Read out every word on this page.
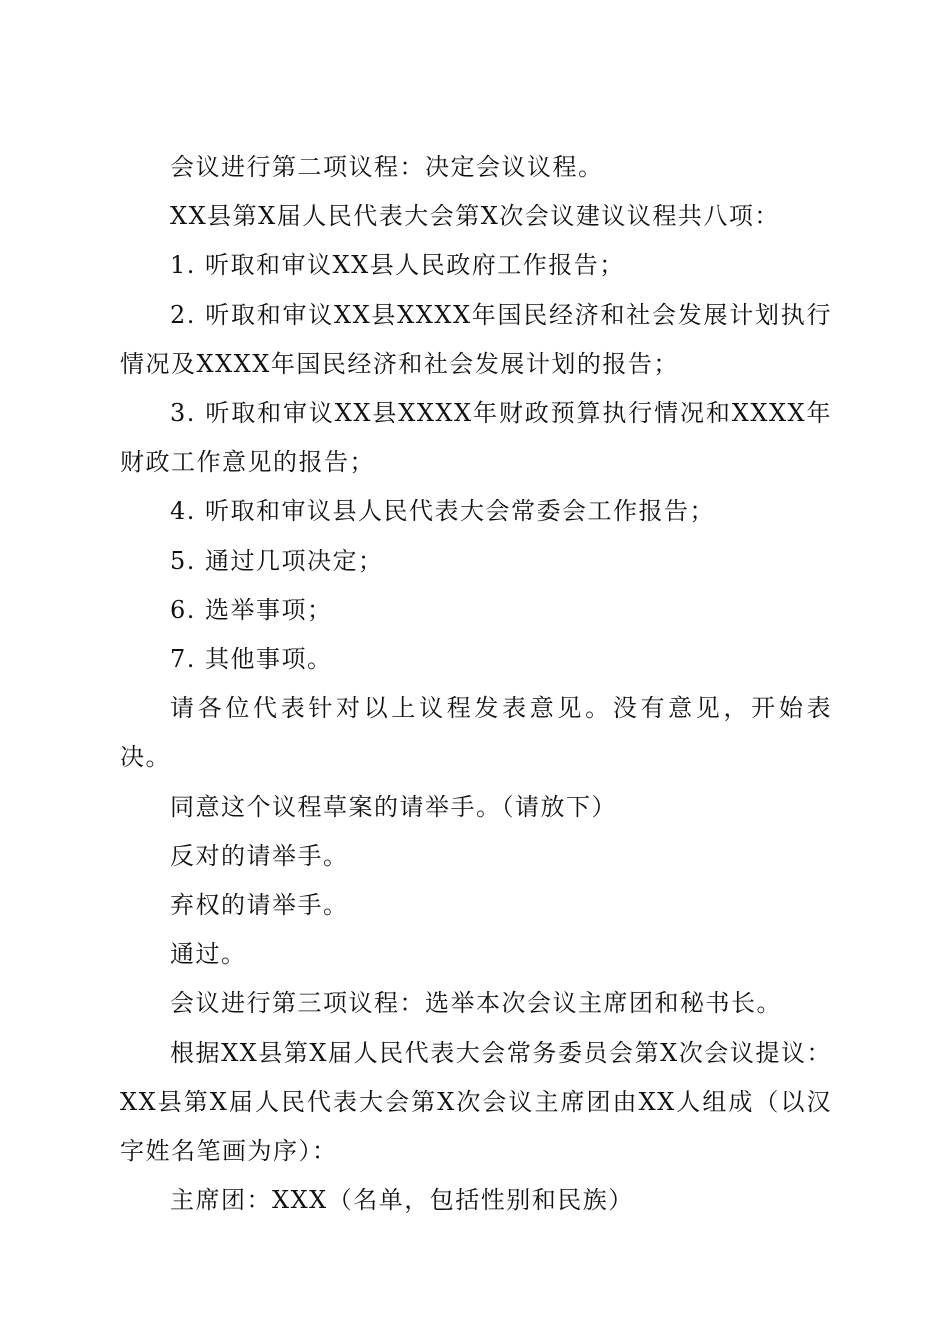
会议进行第二项议程：决定会议议程。

XX县第X届人民代表大会第X次会议建议议程共八项：

1. 听取和审议XX县人民政府工作报告；

2. 听取和审议XX县XXXX年国民经济和社会发展计划执行情况及XXXX年国民经济和社会发展计划的报告；

3. 听取和审议XX县XXXX年财政预算执行情况和XXXX年财政工作意见的报告；

4. 听取和审议县人民代表大会常委会工作报告；

5. 通过几项决定；

6. 选举事项；

7. 其他事项。

请各位代表针对以上议程发表意见。没有意见，开始表决。

同意这个议程草案的请举手。（请放下）

反对的请举手。

弃权的请举手。

通过。

会议进行第三项议程：选举本次会议主席团和秘书长。

根据XX县第X届人民代表大会常务委员会第X次会议提议：XX县第X届人民代表大会第X次会议主席团由XX人组成（以汉字姓名笔画为序）：

主席团：XXX（名单，包括性别和民族）
